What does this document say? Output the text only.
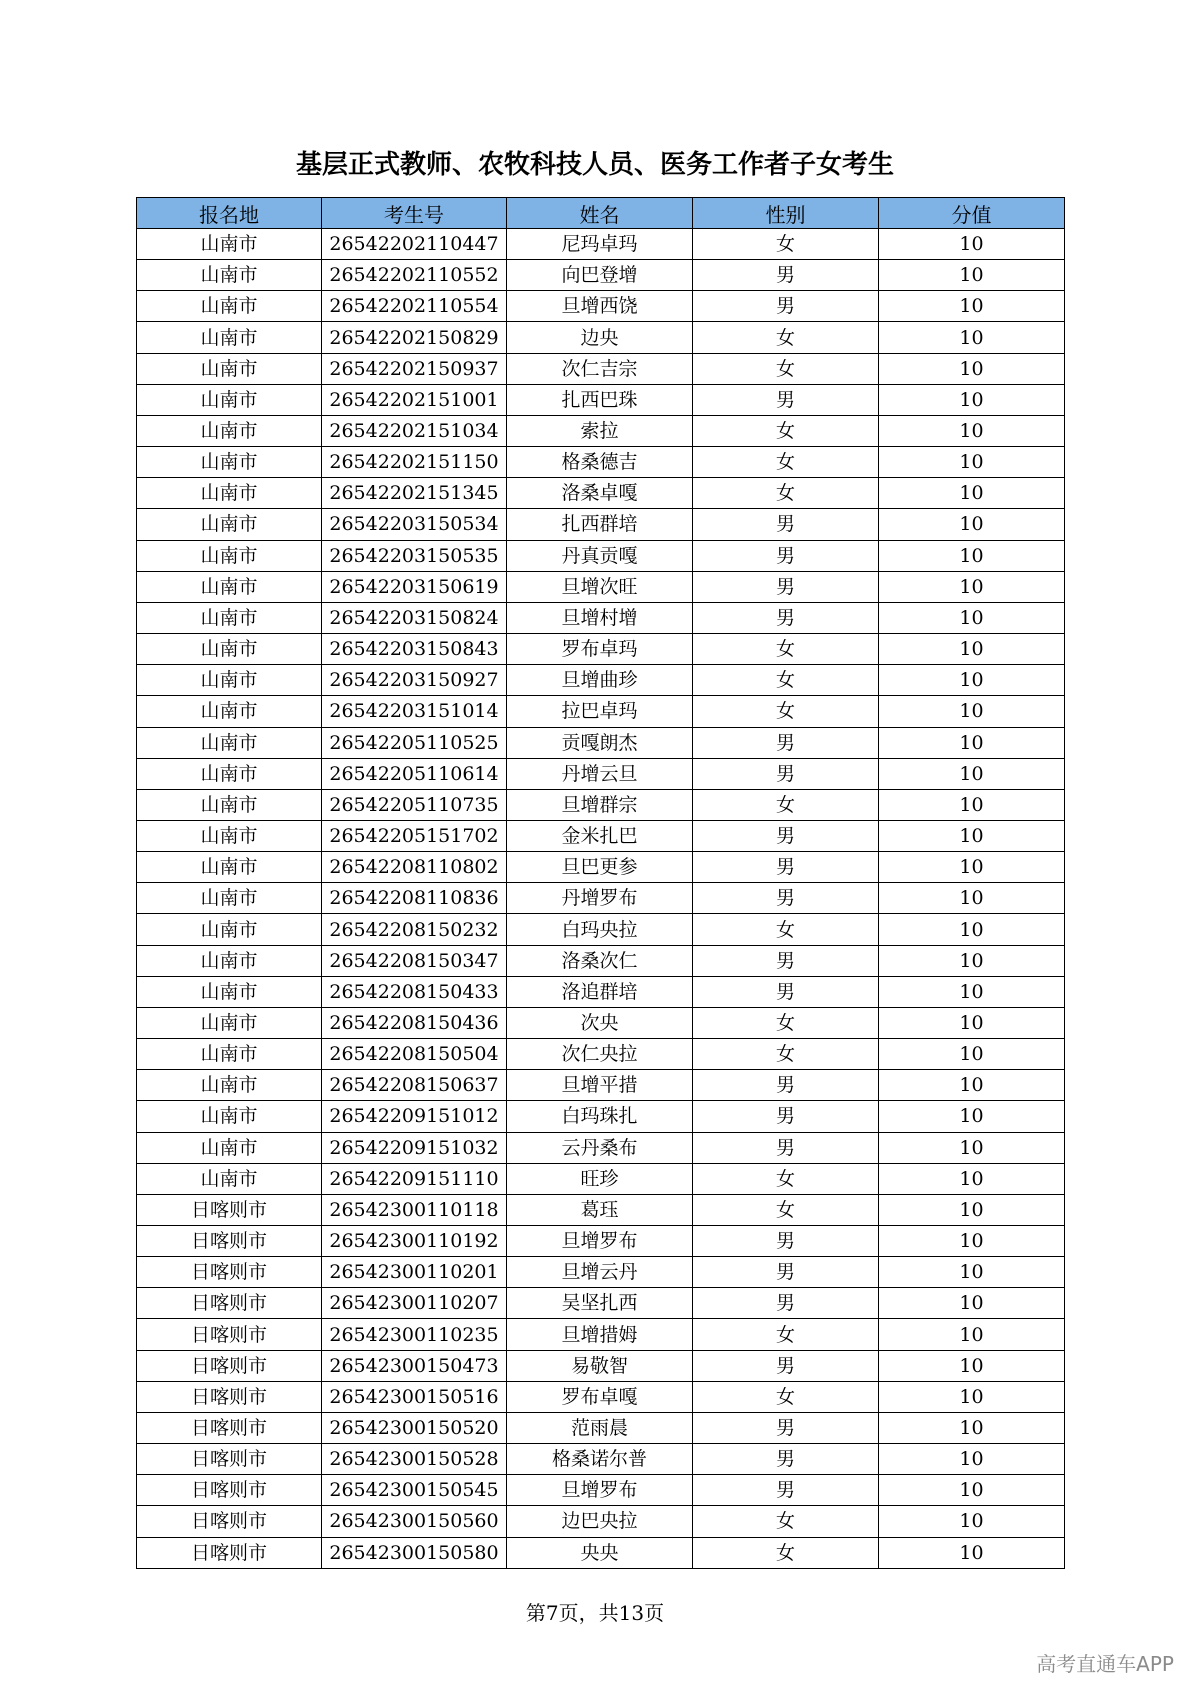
基层正式教师、农牧科技人员、医务工作者子女考生
报名地	考生号	姓名	性别	分值
山南市	26542202110447	尼玛卓玛	女	10
山南市	26542202110552	向巴登增	男	10
山南市	26542202110554	旦增西饶	男	10
山南市	26542202150829	边央	女	10
山南市	26542202150937	次仁吉宗	女	10
山南市	26542202151001	扎西巴珠	男	10
山南市	26542202151034	索拉	女	10
山南市	26542202151150	格桑德吉	女	10
山南市	26542202151345	洛桑卓嘎	女	10
山南市	26542203150534	扎西群培	男	10
山南市	26542203150535	丹真贡嘎	男	10
山南市	26542203150619	旦增次旺	男	10
山南市	26542203150824	旦增村增	男	10
山南市	26542203150843	罗布卓玛	女	10
山南市	26542203150927	旦增曲珍	女	10
山南市	26542203151014	拉巴卓玛	女	10
山南市	26542205110525	贡嘎朗杰	男	10
山南市	26542205110614	丹增云旦	男	10
山南市	26542205110735	旦增群宗	女	10
山南市	26542205151702	金米扎巴	男	10
山南市	26542208110802	旦巴更参	男	10
山南市	26542208110836	丹增罗布	男	10
山南市	26542208150232	白玛央拉	女	10
山南市	26542208150347	洛桑次仁	男	10
山南市	26542208150433	洛追群培	男	10
山南市	26542208150436	次央	女	10
山南市	26542208150504	次仁央拉	女	10
山南市	26542208150637	旦增平措	男	10
山南市	26542209151012	白玛珠扎	男	10
山南市	26542209151032	云丹桑布	男	10
山南市	26542209151110	旺珍	女	10
日喀则市	26542300110118	葛珏	女	10
日喀则市	26542300110192	旦增罗布	男	10
日喀则市	26542300110201	旦增云丹	男	10
日喀则市	26542300110207	吴坚扎西	男	10
日喀则市	26542300110235	旦增措姆	女	10
日喀则市	26542300150473	易敬智	男	10
日喀则市	26542300150516	罗布卓嘎	女	10
日喀则市	26542300150520	范雨晨	男	10
日喀则市	26542300150528	格桑诺尔普	男	10
日喀则市	26542300150545	旦增罗布	男	10
日喀则市	26542300150560	边巴央拉	女	10
日喀则市	26542300150580	央央	女	10
第7页，共13页
高考直通车APP
